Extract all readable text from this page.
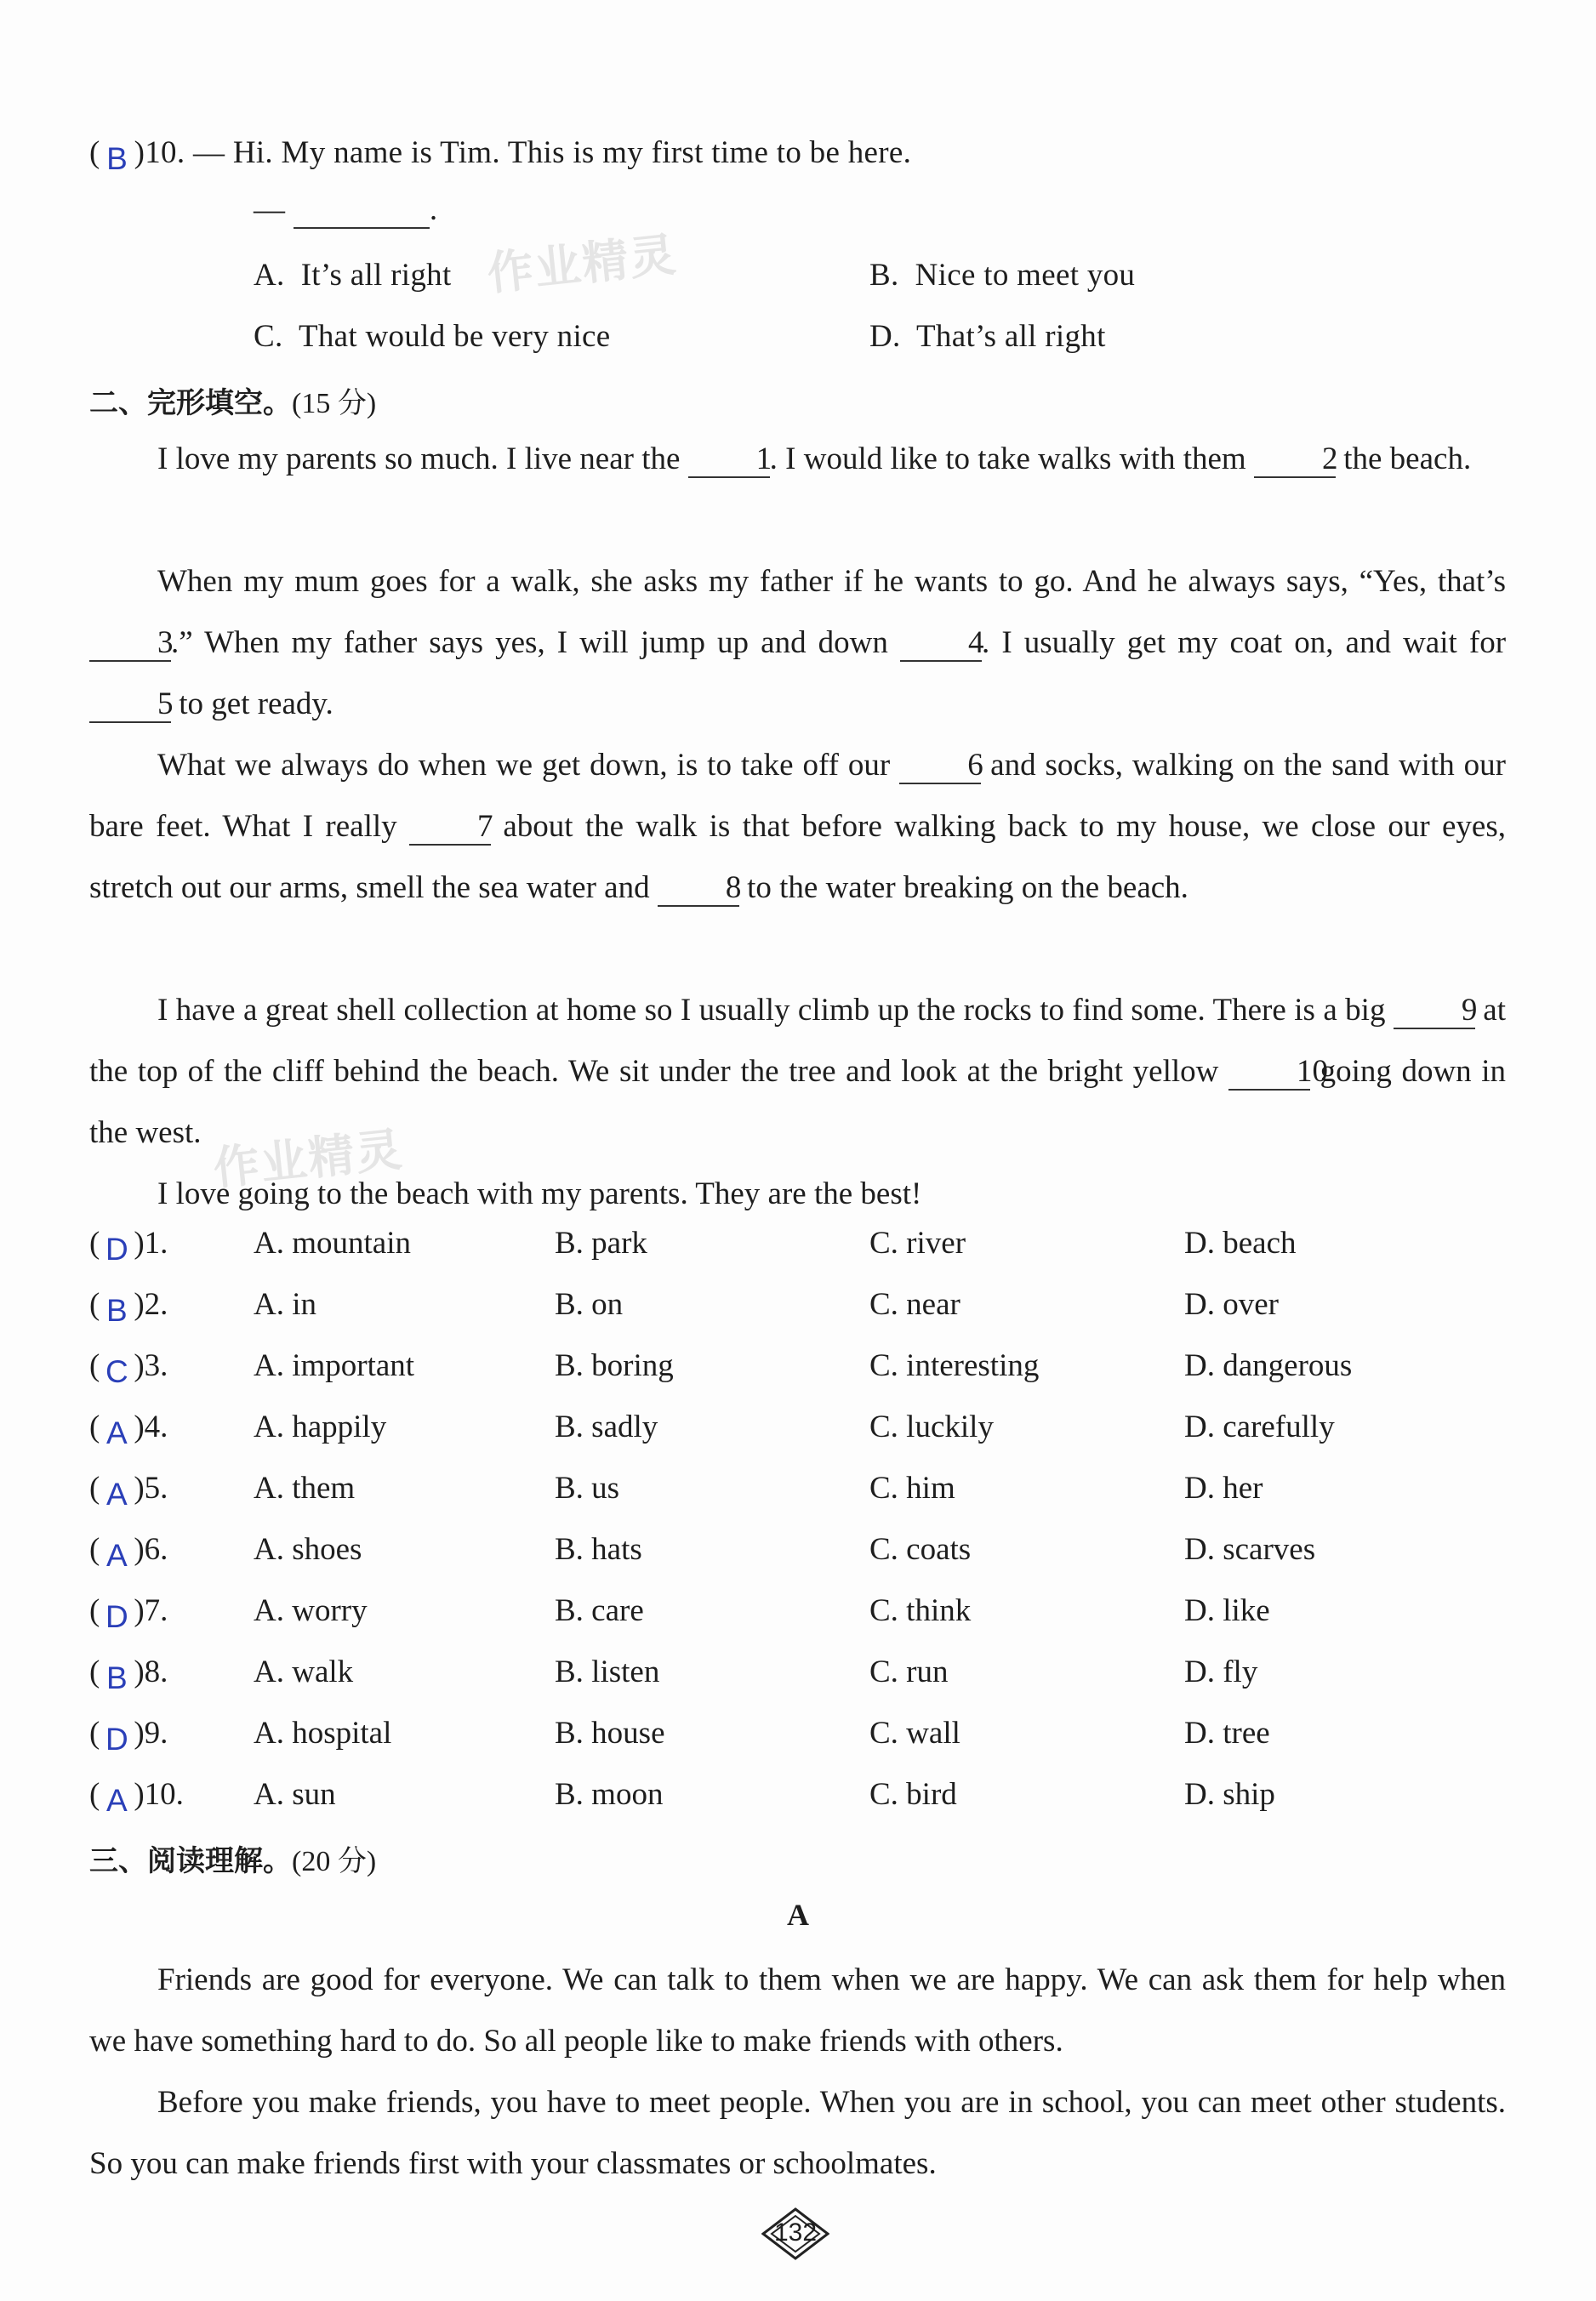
作业精灵
作业精灵
( B )10. — Hi. My name is Tim. This is my first time to be here.
—	.
A. It’s all right	B. Nice to meet you
C. That would be very nice	D. That’s all right
二、完形填空。(15 分)
I love my parents so much. I live near the 1. I would like to take walks with them 2 the beach.
When my mum goes for a walk, she asks my father if he wants to go. And he always says, “Yes, that’s 3.” When my father says yes, I will jump up and down	4. I usually get my coat on, and wait for 5 to get ready.
What we always do when we get down, is to take off our 6 and socks, walking on the sand with our bare feet. What I really	7 about the walk is that before walking back to my house, we close our eyes, stretch out our arms, smell the sea water and 8 to the water breaking on the beach.
I have a great shell collection at home so I usually climb up the rocks to find some. There is a big 9 at the top of the cliff behind the beach. We sit under the tree and look at the bright yellow 10 going down in the west.
I love going to the beach with my parents. They are the best!
( D )1.	A. mountain	B. park	C. river	D. beach
( B )2.	A. in	B. on	C. near	D. over
( C )3.	A. important	B. boring	C. interesting	D. dangerous
( A )4.	A. happily	B. sadly	C. luckily	D. carefully
( A )5.	A. them	B. us	C. him	D. her
( A )6.	A. shoes	B. hats	C. coats	D. scarves
( D )7.	A. worry	B. care	C. think	D. like
( B )8.	A. walk	B. listen	C. run	D. fly
( D )9.	A. hospital	B. house	C. wall	D. tree
( A )10. A. sun	B. moon	C. bird	D. ship
三、阅读理解。(20 分)
A
Friends are good for everyone. We can talk to them when we are happy. We can ask them for help when we have something hard to do. So all people like to make friends with others.
Before you make friends, you have to meet people. When you are in school, you can meet other students. So you can make friends first with your classmates or schoolmates.
132
